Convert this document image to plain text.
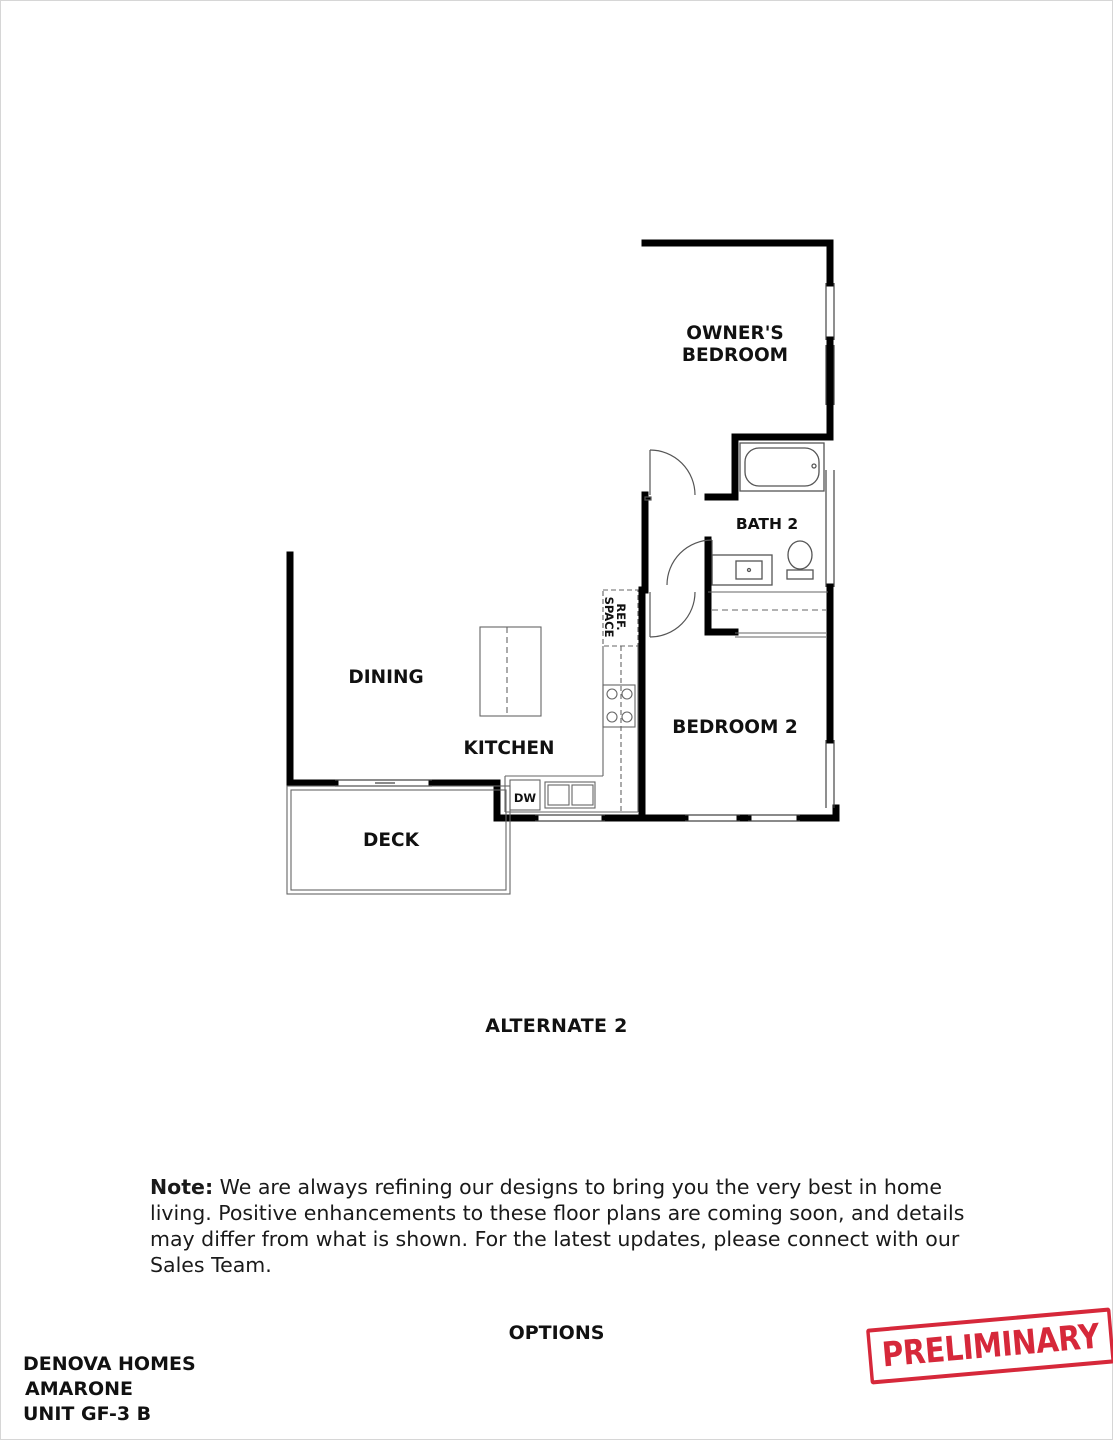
OWNER'S
BEDROOM
BATH 2
REF.
SPACE
DINING
KITCHEN
BEDROOM 2
DW
DECK
ALTERNATE 2
Note: We are always refining our designs to bring you the very best in home living. Positive enhancements to these floor plans are coming soon, and details may differ from what is shown. For the latest updates, please connect with our Sales Team.
OPTIONS
DENOVA HOMES
AMARONE
UNIT GF-3 B
PRELIMINARY
